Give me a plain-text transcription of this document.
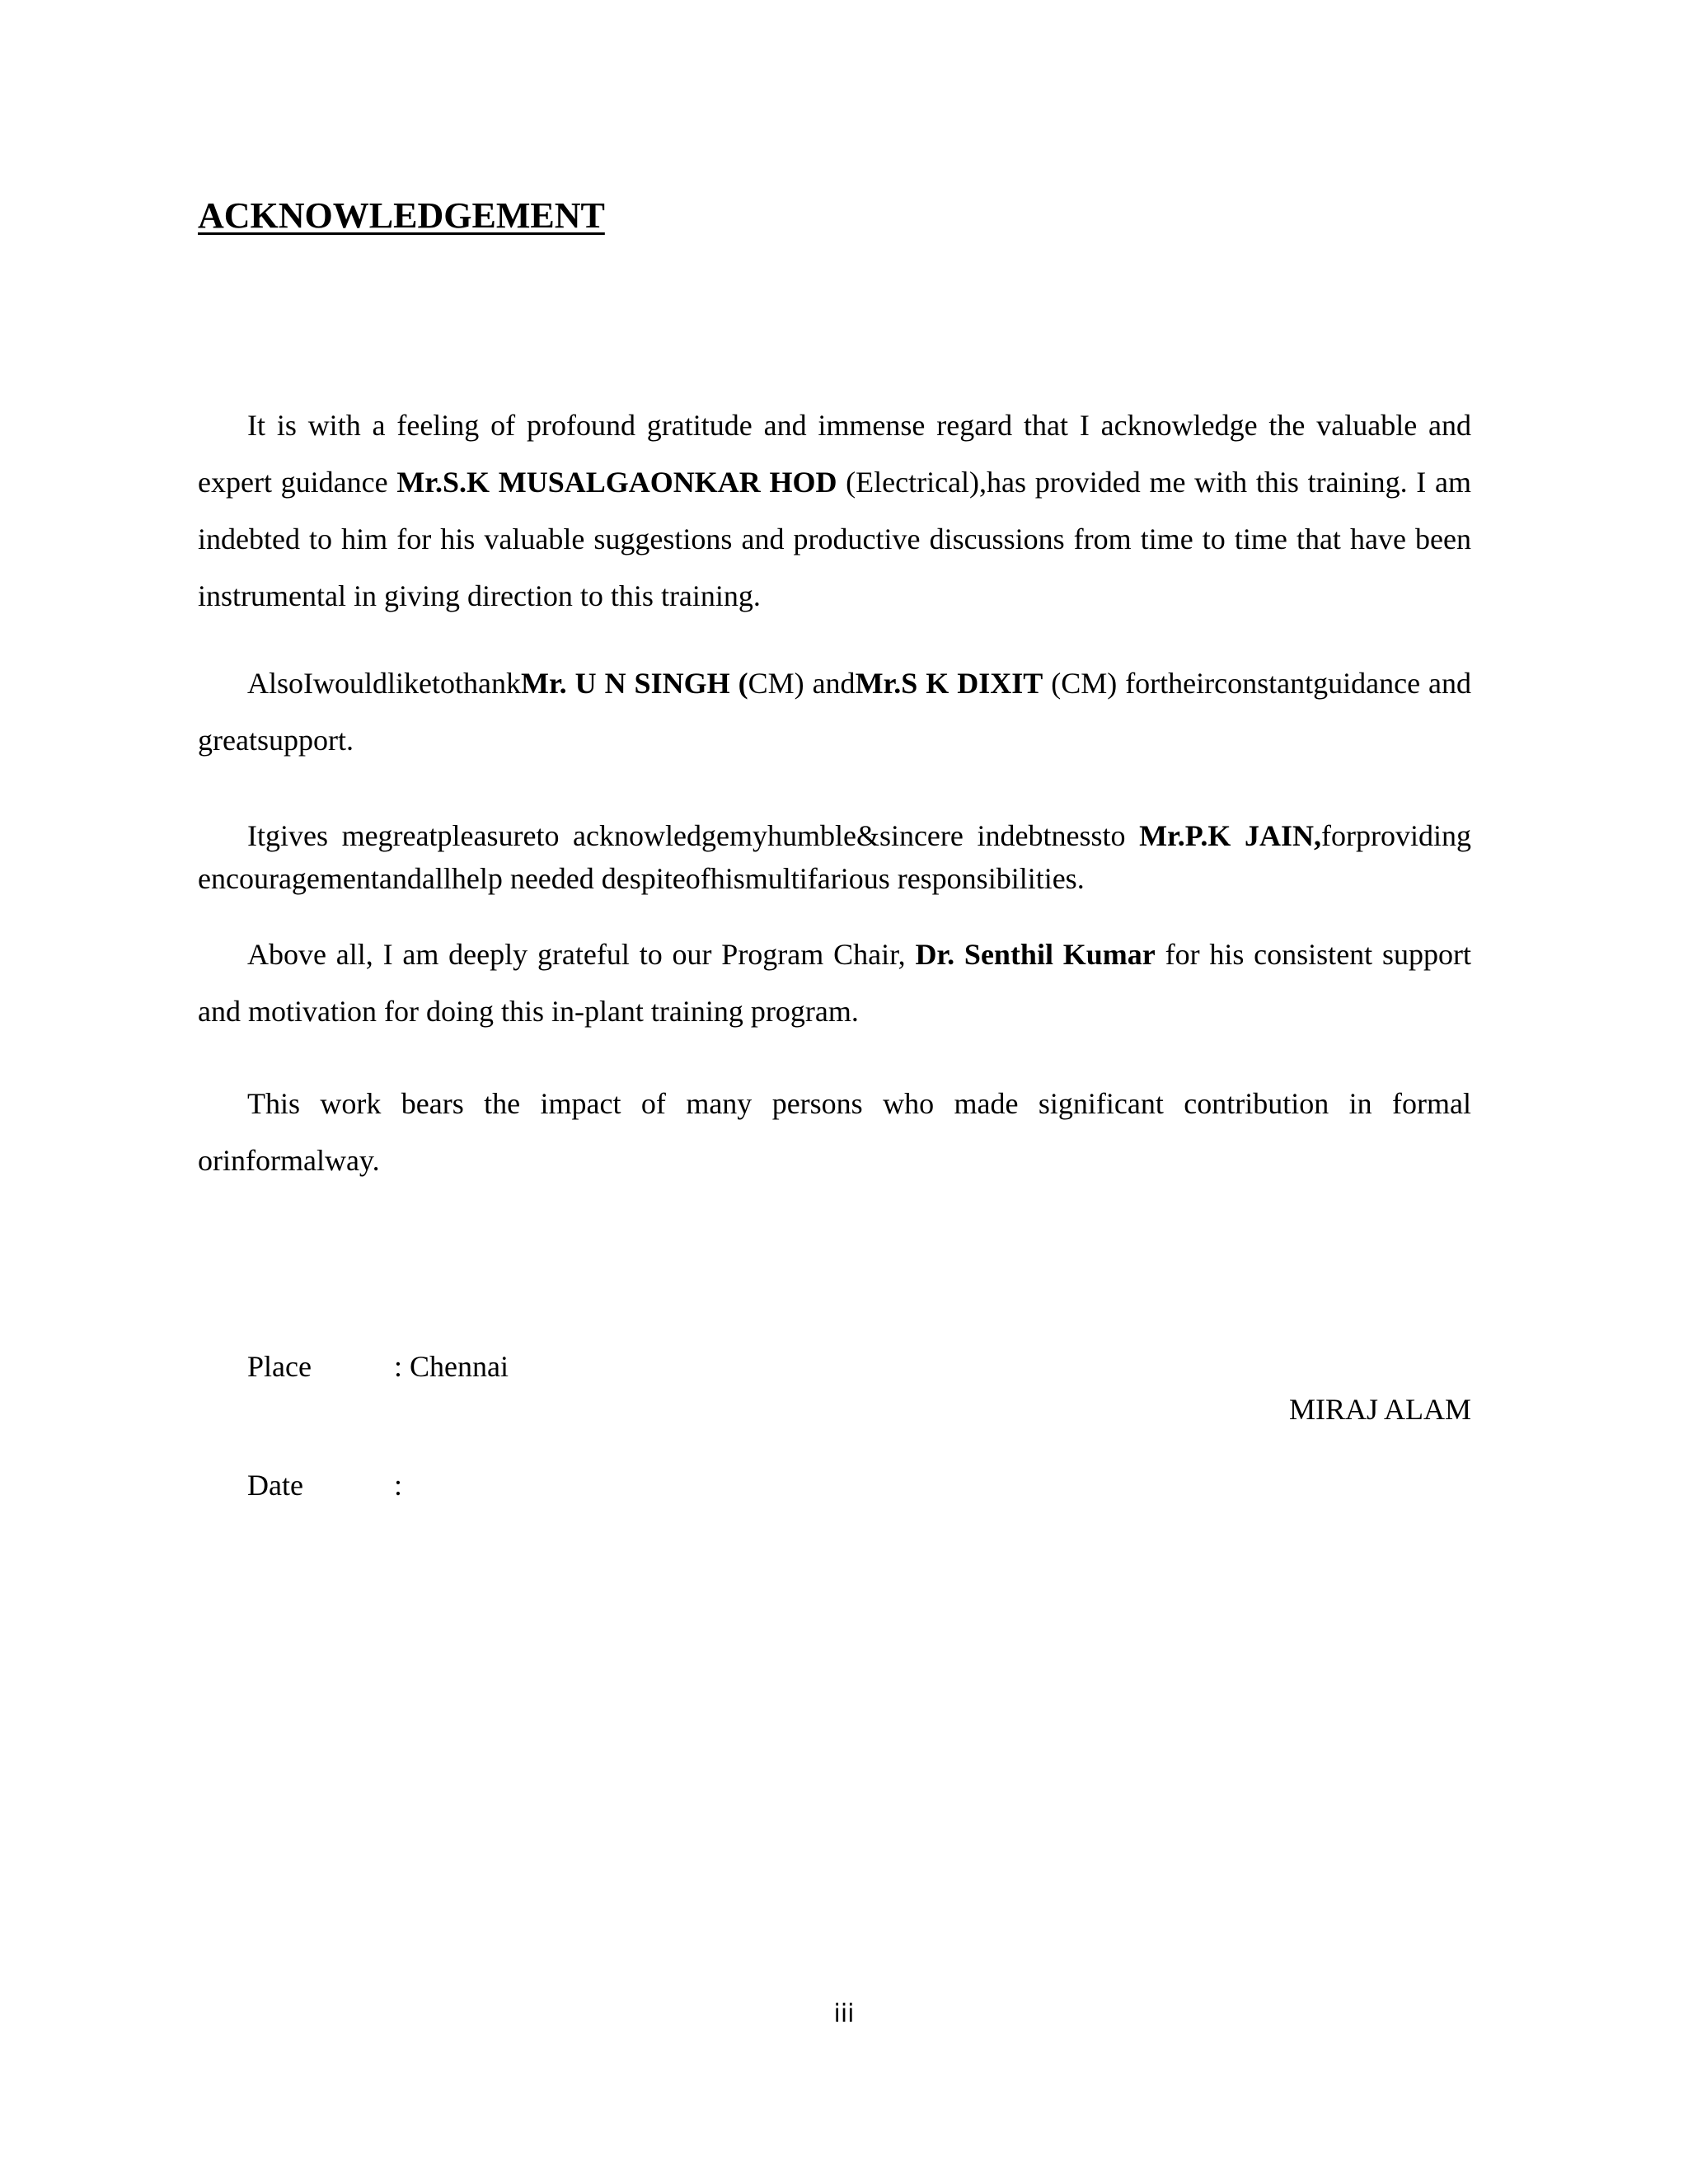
ACKNOWLEDGEMENT

It is with a feeling of profound gratitude and immense regard that I acknowledge the valuable and expert guidance Mr.S.K MUSALGAONKAR HOD (Electrical),has provided me with this training. I am indebted to him for his valuable suggestions and productive discussions from time to time that have been instrumental in giving direction to this training.

AlsoIwouldliketothankMr. U N SINGH (CM) andMr.S K DIXIT (CM) fortheirconstantguidance and greatsupport.

Itgives megreatpleasureto acknowledgemyhumble&sincere indebtnessto Mr.P.K JAIN,forproviding encouragementandallhelp needed despiteofhismultifarious responsibilities.

Above all, I am deeply grateful to our Program Chair, Dr. Senthil Kumar for his consistent support and motivation for doing this in-plant training program.

This work bears the impact of many persons who made significant contribution in formal orinformalway.

Place	: Chennai
MIRAJ ALAM
Date	:
iii
